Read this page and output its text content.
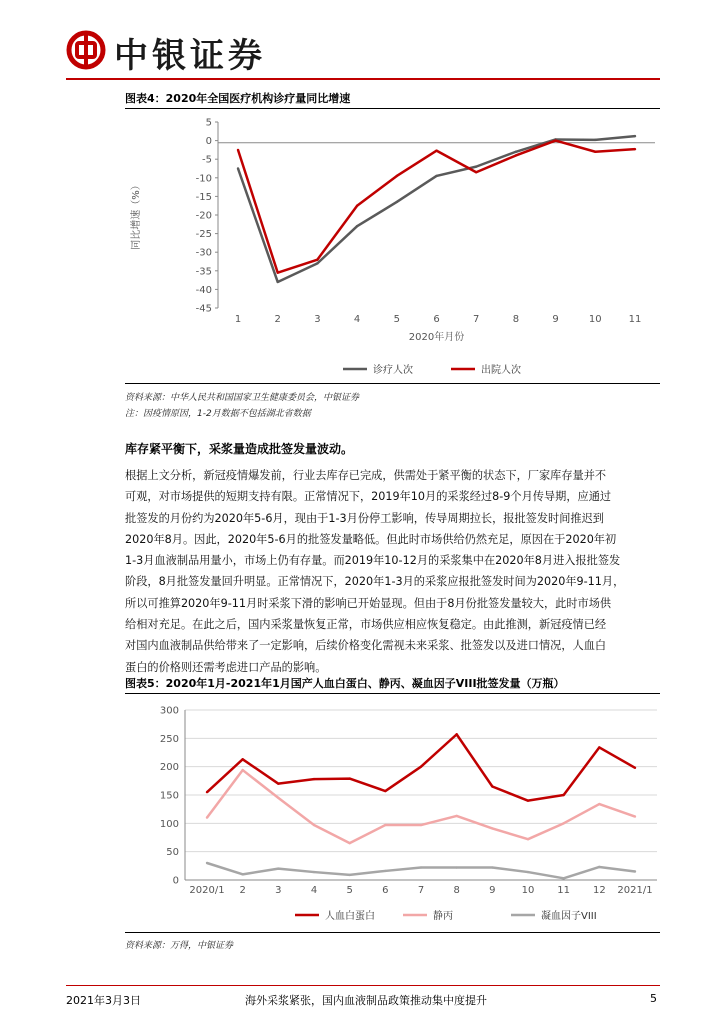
中银证券
图表4：2020年全国医疗机构诊疗量同比增速
5
0
-5
-10
-15
-20
-25
-30
-35
-40
-45
1	2	3	4	5	6	7	8	9	10	11
同比增速（%）
2020年月份
诊疗人次	出院人次
资料来源：中华人民共和国国家卫生健康委员会，中银证券
注：因疫情原因，1-2月数据不包括湖北省数据
库存紧平衡下，采浆量造成批签发量波动。
根据上文分析，新冠疫情爆发前，行业去库存已完成，供需处于紧平衡的状态下，厂家库存量并不
可观，对市场提供的短期支持有限。正常情况下，2019年10月的采浆经过8-9个月传导期，应通过
批签发的月份约为2020年5-6月，现由于1-3月份停工影响，传导周期拉长，报批签发时间推迟到
2020年8月。因此，2020年5-6月的批签发量略低。但此时市场供给仍然充足，原因在于2020年初
1-3月血液制品用量小，市场上仍有存量。而2019年10-12月的采浆集中在2020年8月进入报批签发
阶段，8月批签发量回升明显。正常情况下，2020年1-3月的采浆应报批签发时间为2020年9-11月，
所以可推算2020年9-11月时采浆下滑的影响已开始显现。但由于8月份批签发量较大，此时市场供
给相对充足。在此之后，国内采浆量恢复正常，市场供应相应恢复稳定。由此推测，新冠疫情已经
对国内血液制品供给带来了一定影响，后续价格变化需视未来采浆、批签发以及进口情况，人血白
蛋白的价格则还需考虑进口产品的影响。
图表5：2020年1月-2021年1月国产人血白蛋白、静丙、凝血因子VIII批签发量（万瓶）
300
250
200
150
100
50
0
2020/1 2	3	4	5	6	7	8	9	10 11 12 2021/1
人血白蛋白	静丙	凝血因子VIII
资料来源：万得，中银证券
2021年3月3日	海外采浆紧张，国内血液制品政策推动集中度提升	5
